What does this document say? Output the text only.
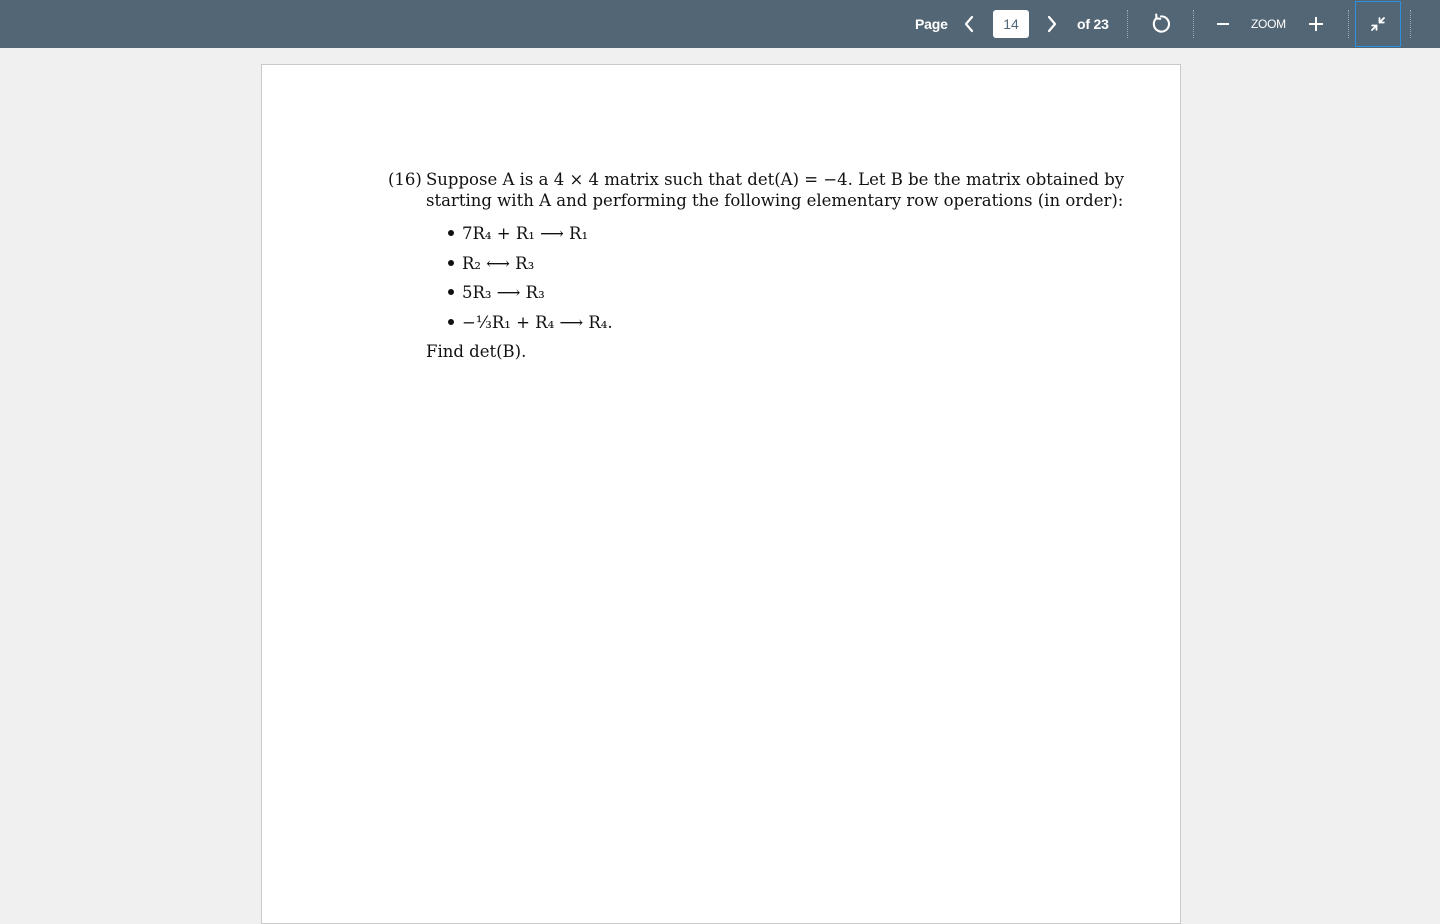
Page
14	of 23	ZOOM
(16) Suppose A is a 4 × 4 matrix such that det(A) = −4. Let B be the matrix obtained by
starting with A and performing the following elementary row operations (in order):
7R₄ + R₁ ⟶ R₁
R₂ ⟷ R₃
5R₃ ⟶ R₃
−⅓R₁ + R₄ ⟶ R₄.
Find det(B).
